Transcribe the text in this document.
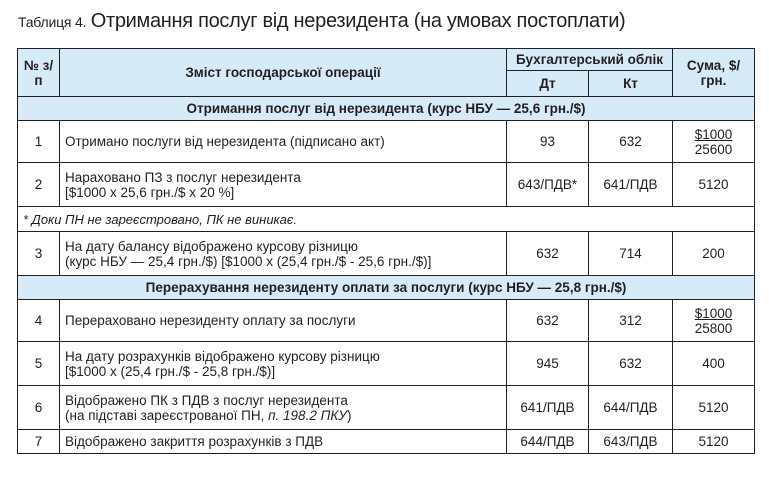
Таблиця 4. Отримання послуг від нерезидента (на умовах постоплати)
№ з/п	Зміст господарської операції	Бухгалтерський облік		Сума, $/грн.
		Дт	Кт	
Отримання послуг від нерезидента (курс НБУ — 25,6 грн./$)				
1	Отримано послуги від нерезидента (підписано акт)	93	632	$1000
25600
2	Нараховано ПЗ з послуг нерезидента
[$1000 х 25,6 грн./$ х 20 %]	643/ПДВ*	641/ПДВ	5120
* Доки ПН не зареєстровано, ПК не виникає.				
3	На дату балансу відображено курсову різницю
(курс НБУ — 25,4 грн./$) [$1000 х (25,4 грн./$ - 25,6 грн./$)]	632	714	200
Перерахування нерезиденту оплати за послуги (курс НБУ — 25,8 грн./$)				
4	Перераховано нерезиденту оплату за послуги	632	312	$1000
25800
5	На дату розрахунків відображено курсову різницю
[$1000 х (25,4 грн./$ - 25,8 грн./$)]	945	632	400
6	Відображено ПК з ПДВ з послуг нерезидента
(на підставі зареєстрованої ПН, п. 198.2 ПКУ)	641/ПДВ	644/ПДВ	5120
7	Відображено закриття розрахунків з ПДВ	644/ПДВ	643/ПДВ	5120
